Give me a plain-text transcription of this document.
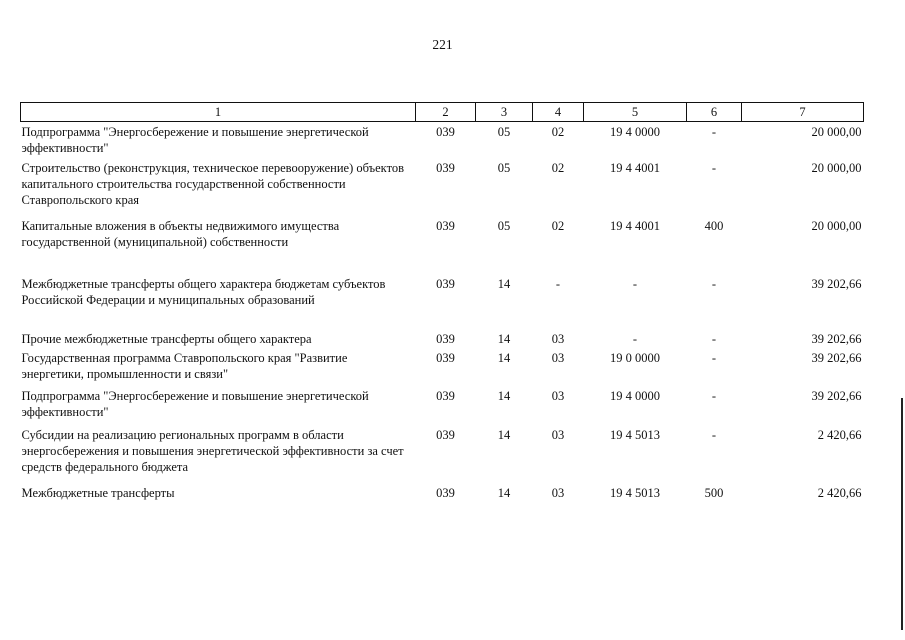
221
1	2	3	4	5	6	7
Подпрограмма "Энергосбережение и повышение энергетической эффективности"	039	05	02	19 4 0000	-	20 000,00
Строительство (реконструкция, техническое перевооружение) объектов капитального строительства государственной собственности Ставропольского края	039	05	02	19 4 4001	-	20 000,00
Капитальные вложения в объекты недвижимого имущества государственной (муниципальной) собственности	039	05	02	19 4 4001	400	20 000,00
Межбюджетные трансферты общего характера бюджетам субъектов Российской Федерации и муниципальных образований	039	14	-	-	-	39 202,66
Прочие межбюджетные трансферты общего характера	039	14	03	-	-	39 202,66
Государственная программа Ставропольского края "Развитие энергетики, промышленности и связи"	039	14	03	19 0 0000	-	39 202,66
Подпрограмма "Энергосбережение и повышение энергетической эффективности"	039	14	03	19 4 0000	-	39 202,66
Субсидии на реализацию региональных программ в области энергосбережения и повышения энергетической эффективности за счет средств федерального бюджета	039	14	03	19 4 5013	-	2 420,66
Межбюджетные трансферты	039	14	03	19 4 5013	500	2 420,66
